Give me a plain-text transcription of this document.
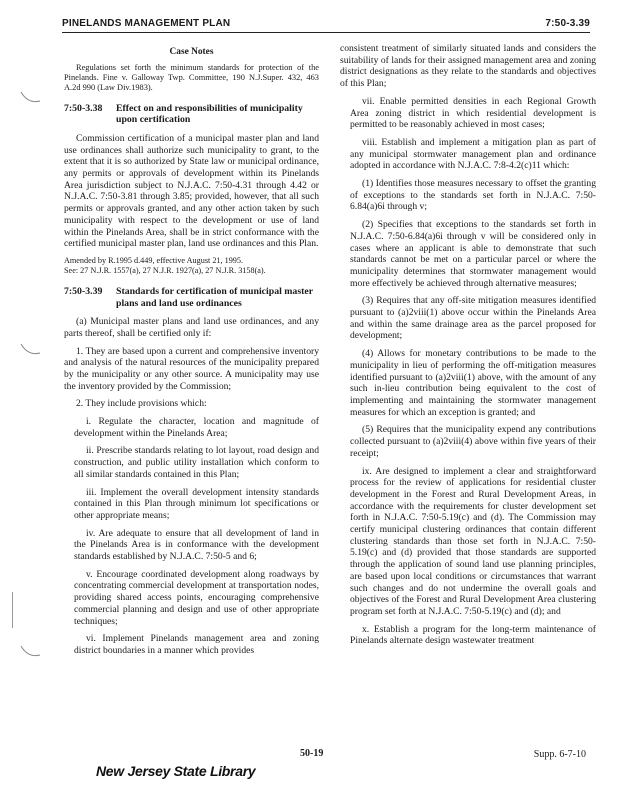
PINELANDS MANAGEMENT PLAN	7:50-3.39
Case Notes

Regulations set forth the minimum standards for protection of the Pinelands. Fine v. Galloway Twp. Committee, 190 N.J.Super. 432, 463 A.2d 990 (Law Div.1983).

7:50-3.38	Effect on and responsibilities of municipality upon certification

Commission certification of a municipal master plan and land use ordinances shall authorize such municipality to grant, to the extent that it is so authorized by State law or municipal ordinance, any permits or approvals of development within its Pinelands Area jurisdiction subject to N.J.A.C. 7:50-4.31 through 4.42 or N.J.A.C. 7:50-3.81 through 3.85; provided, however, that all such permits or approvals granted, and any other action taken by such municipality with respect to the development or use of land within the Pinelands Area, shall be in strict conformance with the certified municipal master plan, land use ordinances and this Plan.

Amended by R.1995 d.449, effective August 21, 1995.
See: 27 N.J.R. 1557(a), 27 N.J.R. 1927(a), 27 N.J.R. 3158(a).
7:50-3.39	Standards for certification of municipal master plans and land use ordinances

(a) Municipal master plans and land use ordinances, and any parts thereof, shall be certified only if:

1. They are based upon a current and comprehensive inventory and analysis of the natural resources of the municipality prepared by the municipality or any other source. A municipality may use the inventory provided by the Commission;

2. They include provisions which:

i. Regulate the character, location and magnitude of development within the Pinelands Area;

ii. Prescribe standards relating to lot layout, road design and construction, and public utility installation which conform to all similar standards contained in this Plan;

iii. Implement the overall development intensity standards contained in this Plan through minimum lot specifications or other appropriate means;

iv. Are adequate to ensure that all development of land in the Pinelands Area is in conformance with the development standards established by N.J.A.C. 7:50-5 and 6;

v. Encourage coordinated development along roadways by concentrating commercial development at transportation nodes, providing shared access points, encouraging comprehensive commercial planning and design and use of other appropriate techniques;

vi. Implement Pinelands management area and zoning district boundaries in a manner which provides

consistent treatment of similarly situated lands and considers the suitability of lands for their assigned management area and zoning district designations as they relate to the standards and objectives of this Plan;

vii. Enable permitted densities in each Regional Growth Area zoning district in which residential development is permitted to be reasonably achieved in most cases;

viii. Establish and implement a mitigation plan as part of any municipal stormwater management plan and ordinance adopted in accordance with N.J.A.C. 7:8-4.2(c)11 which:

(1) Identifies those measures necessary to offset the granting of exceptions to the standards set forth in N.J.A.C. 7:50-6.84(a)6i through v;

(2) Specifies that exceptions to the standards set forth in N.J.A.C. 7:50-6.84(a)6i through v will be considered only in cases where an applicant is able to demonstrate that such standards cannot be met on a particular parcel or where the municipality determines that stormwater management would more effectively be achieved through alternative measures;

(3) Requires that any off-site mitigation measures identified pursuant to (a)2viii(1) above occur within the Pinelands Area and within the same drainage area as the parcel proposed for development;

(4) Allows for monetary contributions to be made to the municipality in lieu of performing the off-mitigation measures identified pursuant to (a)2viii(1) above, with the amount of any such in-lieu contribution being equivalent to the cost of implementing and maintaining the stormwater management measures for which an exception is granted; and

(5) Requires that the municipality expend any contributions collected pursuant to (a)2viii(4) above within five years of their receipt;

ix. Are designed to implement a clear and straightforward process for the review of applications for residential cluster development in the Forest and Rural Development Areas, in accordance with the requirements for cluster development set forth in N.J.A.C. 7:50-5.19(c) and (d). The Commission may certify municipal clustering ordinances that contain different clustering standards than those set forth in N.J.A.C. 7:50-5.19(c) and (d) provided that those standards are supported through the application of sound land use planning principles, are based upon local conditions or circumstances that warrant such changes and do not undermine the overall goals and objectives of the Forest and Rural Development Area clustering program set forth at N.J.A.C. 7:50-5.19(c) and (d); and

x. Establish a program for the long-term maintenance of Pinelands alternate design wastewater treatment

50-19	Supp. 6-7-10
New Jersey State Library
